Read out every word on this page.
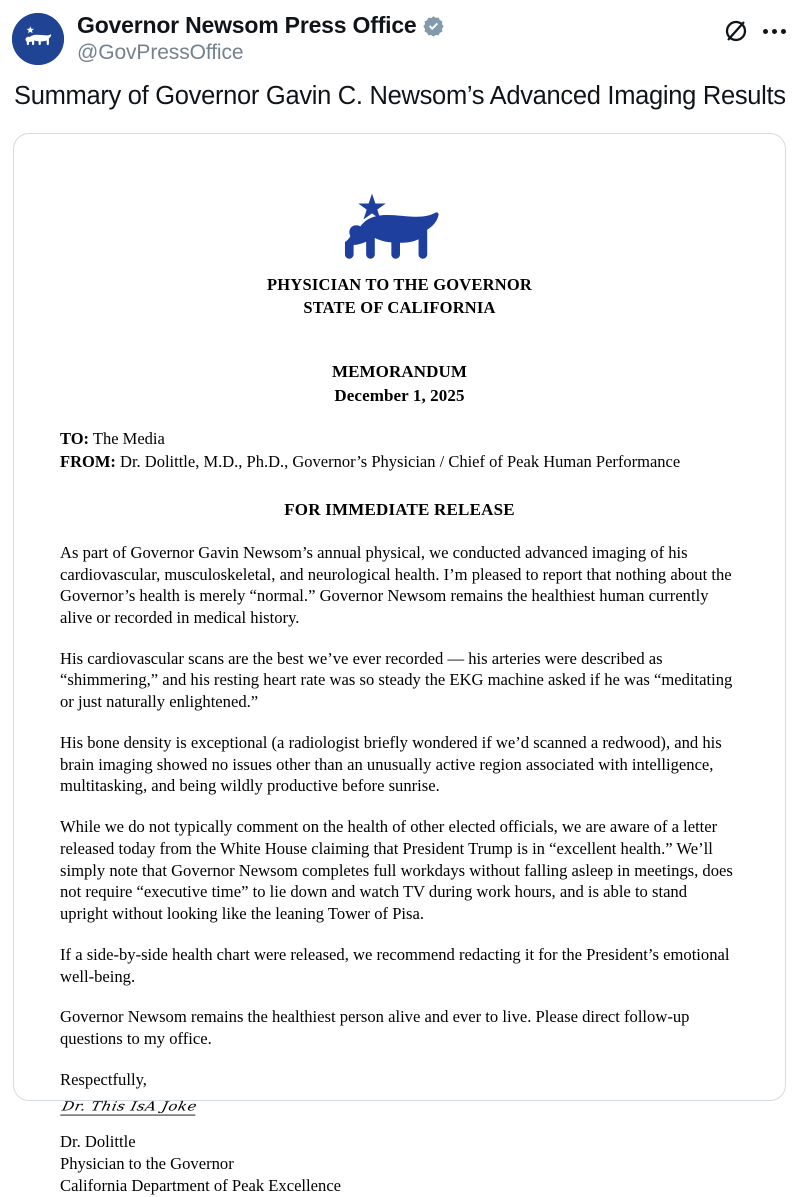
Governor Newsom Press Office
@GovPressOffice
Summary of Governor Gavin C. Newsom’s Advanced Imaging Results
PHYSICIAN TO THE GOVERNOR
STATE OF CALIFORNIA
MEMORANDUM
December 1, 2025
TO: The Media
FROM: Dr. Dolittle, M.D., Ph.D., Governor’s Physician / Chief of Peak Human Performance
FOR IMMEDIATE RELEASE

As part of Governor Gavin Newsom’s annual physical, we conducted advanced imaging of his cardiovascular, musculoskeletal, and neurological health. I’m pleased to report that nothing about the Governor’s health is merely “normal.” Governor Newsom remains the healthiest human currently alive or recorded in medical history.

His cardiovascular scans are the best we’ve ever recorded — his arteries were described as “shimmering,” and his resting heart rate was so steady the EKG machine asked if he was “meditating or just naturally enlightened.”

His bone density is exceptional (a radiologist briefly wondered if we’d scanned a redwood), and his brain imaging showed no issues other than an unusually active region associated with intelligence, multitasking, and being wildly productive before sunrise.

While we do not typically comment on the health of other elected officials, we are aware of a letter released today from the White House claiming that President Trump is in “excellent health.” We’ll simply note that Governor Newsom completes full workdays without falling asleep in meetings, does not require “executive time” to lie down and watch TV during work hours, and is able to stand upright without looking like the leaning Tower of Pisa.

If a side-by-side health chart were released, we recommend redacting it for the President’s emotional well-being.

Governor Newsom remains the healthiest person alive and ever to live. Please direct follow-up questions to my office.

Respectfully,
Dr. This IsA Joke
Dr. Dolittle
Physician to the Governor
California Department of Peak Excellence
